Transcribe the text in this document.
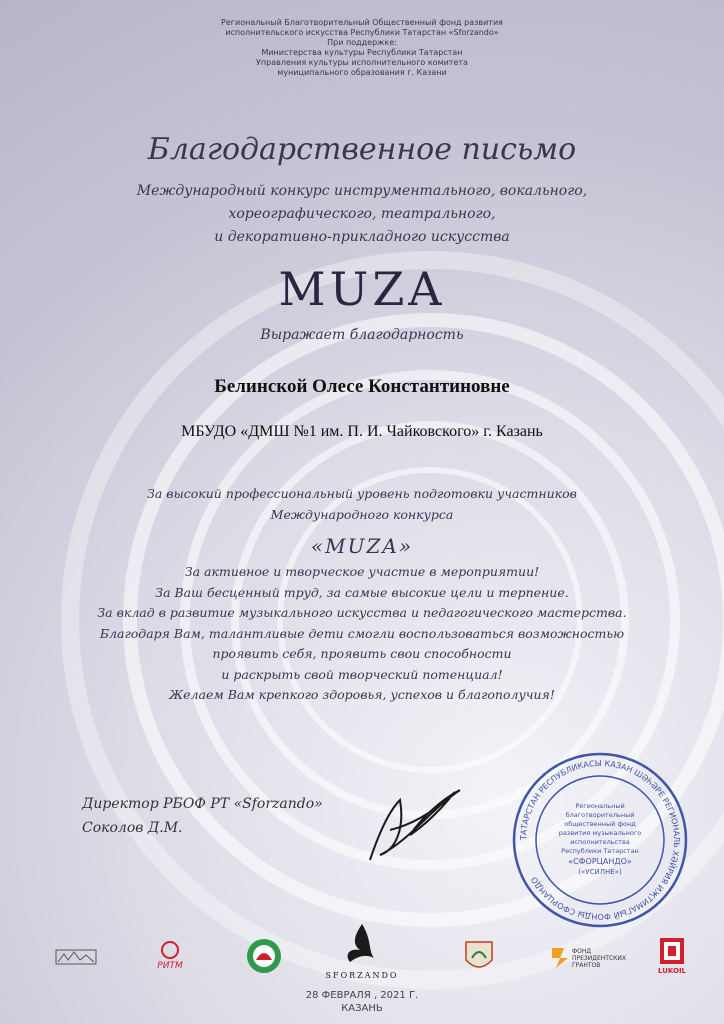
Региональный Благотворительный Общественный фонд развития
исполнительского искусства Республики Татарстан «Sforzando»
При поддержке:
Министерства культуры Республики Татарстан
Управления культуры исполнительного комитета
муниципального образования г. Казани
Благодарственное письмо
Международный конкурс инструментального, вокального,
хореографического, театрального,
и декоративно-прикладного искусства
MUZA
Выражает благодарность
Белинской Олесе Константиновне
МБУДО «ДМШ №1 им. П. И. Чайковского» г. Казань
За высокий профессиональный уровень подготовки участников
Международного конкурса
«MUZA»
За активное и творческое участие в мероприятии!
За Ваш бесценный труд, за самые высокие цели и терпение.
За вклад в развитие музыкального искусства и педагогического мастерства.
Благодаря Вам, талантливые дети смогли воспользоваться возможностью
проявить себя, проявить свои способности
и раскрыть свой творческий потенциал!
Желаем Вам крепкого здоровья, успехов и благополучия!
Директор РБОФ РТ «Sforzando»
Соколов Д.М.
ТАТАРСТАН РЕСПУБЛИКАСЫ КАЗАН ШӘҺӘРЕ РЕГИОНАЛЬ ХӘЙРИЯ ИҖТИМАГЫЙ ФОНДЫ СФОРЦАНДО
Региональный
благотворительный
общественный фонд
развития музыкального
исполнительства
Республики Татарстан
«СФОРЦАНДО»
(«УСИЛНЕ»)
РИТМ
SFORZANDO
ФОНД
ПРЕЗИДЕНТСКИХ
ГРАНТОВ
LUKOIL
28 ФЕВРАЛЯ , 2021 Г.
КАЗАНЬ
